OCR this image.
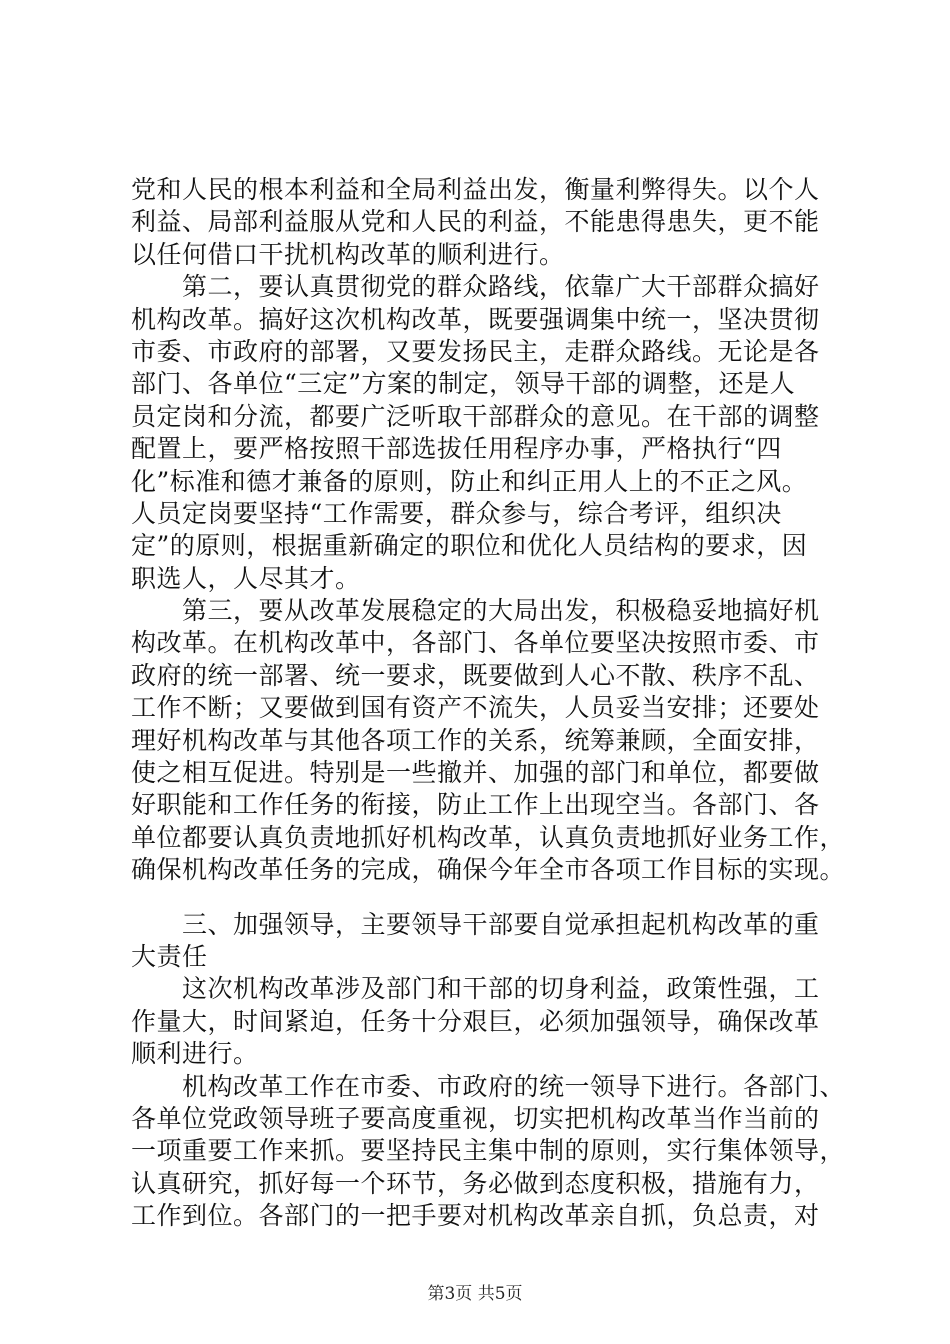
党和人民的根本利益和全局利益出发，衡量利弊得失。以个人
利益、局部利益服从党和人民的利益，不能患得患失，更不能
以任何借口干扰机构改革的顺利进行。
　　第二，要认真贯彻党的群众路线，依靠广大干部群众搞好
机构改革。搞好这次机构改革，既要强调集中统一，坚决贯彻
市委、市政府的部署，又要发扬民主，走群众路线。无论是各
部门、各单位“三定”方案的制定，领导干部的调整，还是人
员定岗和分流，都要广泛听取干部群众的意见。在干部的调整
配置上，要严格按照干部选拔任用程序办事，严格执行“四
化”标准和德才兼备的原则，防止和纠正用人上的不正之风。
人员定岗要坚持“工作需要，群众参与，综合考评，组织决
定”的原则，根据重新确定的职位和优化人员结构的要求，因
职选人，人尽其才。
　　第三，要从改革发展稳定的大局出发，积极稳妥地搞好机
构改革。在机构改革中，各部门、各单位要坚决按照市委、市
政府的统一部署、统一要求，既要做到人心不散、秩序不乱、
工作不断；又要做到国有资产不流失，人员妥当安排；还要处
理好机构改革与其他各项工作的关系，统筹兼顾，全面安排，
使之相互促进。特别是一些撤并、加强的部门和单位，都要做
好职能和工作任务的衔接，防止工作上出现空当。各部门、各
单位都要认真负责地抓好机构改革，认真负责地抓好业务工作，
确保机构改革任务的完成，确保今年全市各项工作目标的实现。
　　三、加强领导，主要领导干部要自觉承担起机构改革的重
大责任
　　这次机构改革涉及部门和干部的切身利益，政策性强，工
作量大，时间紧迫，任务十分艰巨，必须加强领导，确保改革
顺利进行。
　　机构改革工作在市委、市政府的统一领导下进行。各部门、
各单位党政领导班子要高度重视，切实把机构改革当作当前的
一项重要工作来抓。要坚持民主集中制的原则，实行集体领导，
认真研究，抓好每一个环节，务必做到态度积极，措施有力，
工作到位。各部门的一把手要对机构改革亲自抓，负总责，对
第3页 共5页
